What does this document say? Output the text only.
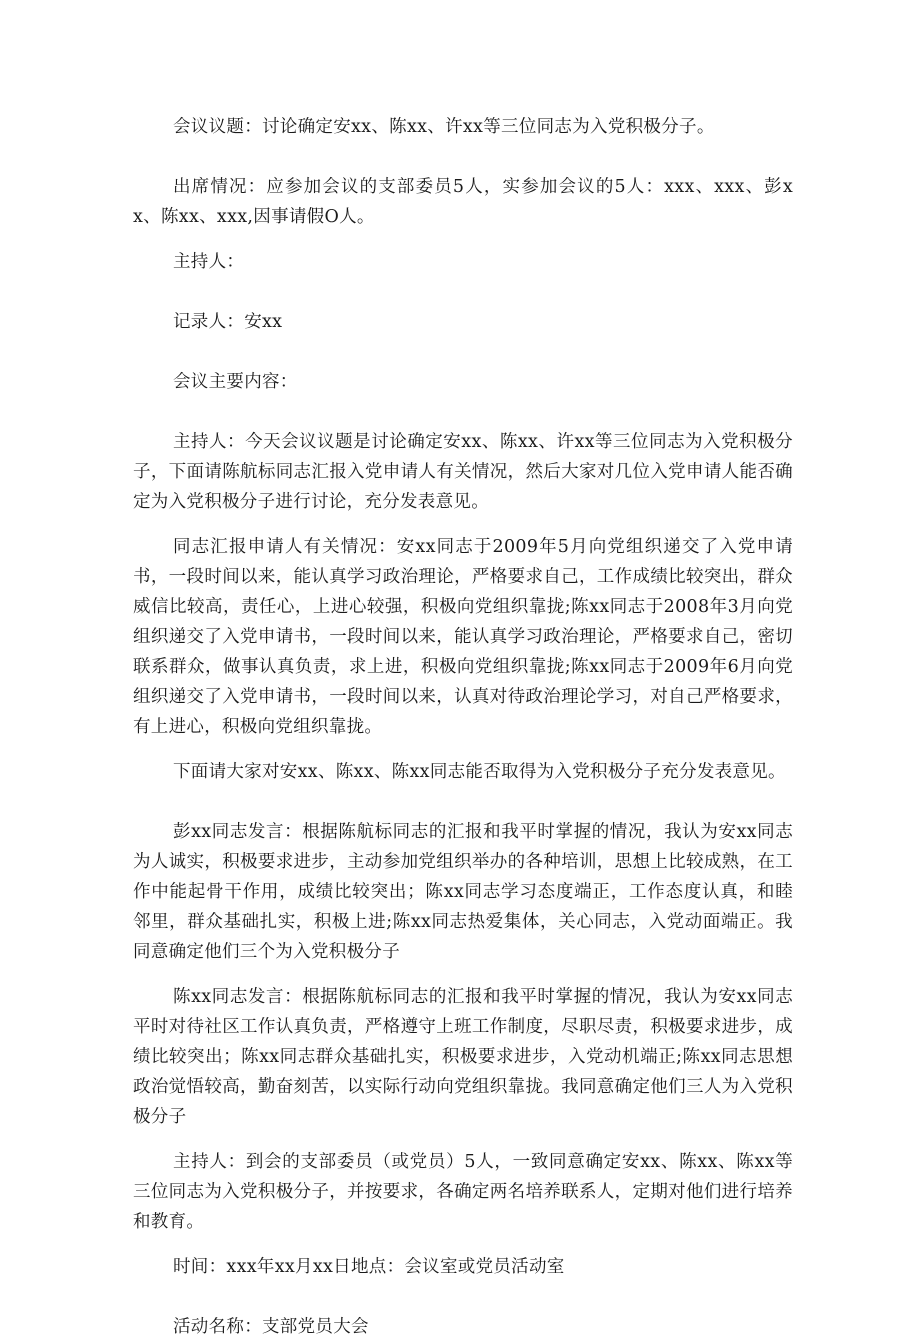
会议议题：讨论确定安xx、陈xx、许xx等三位同志为入党积极分子。

出席情况：应参加会议的支部委员5人，实参加会议的5人：xxx、xxx、彭xx、陈xx、xxx,因事请假O人。

主持人：

记录人：安xx

会议主要内容：

主持人：今天会议议题是讨论确定安xx、陈xx、许xx等三位同志为入党积极分子，下面请陈航标同志汇报入党申请人有关情况，然后大家对几位入党申请人能否确定为入党积极分子进行讨论，充分发表意见。

同志汇报申请人有关情况：安xx同志于2009年5月向党组织递交了入党申请书，一段时间以来，能认真学习政治理论，严格要求自己，工作成绩比较突出，群众威信比较高，责任心，上进心较强，积极向党组织靠拢;陈xx同志于2008年3月向党组织递交了入党申请书，一段时间以来，能认真学习政治理论，严格要求自己，密切联系群众，做事认真负责，求上进，积极向党组织靠拢;陈xx同志于2009年6月向党组织递交了入党申请书，一段时间以来，认真对待政治理论学习，对自己严格要求，有上进心，积极向党组织靠拢。

下面请大家对安xx、陈xx、陈xx同志能否取得为入党积极分子充分发表意见。

彭xx同志发言：根据陈航标同志的汇报和我平时掌握的情况，我认为安xx同志为人诚实，积极要求进步，主动参加党组织举办的各种培训，思想上比较成熟，在工作中能起骨干作用，成绩比较突出；陈xx同志学习态度端正，工作态度认真，和睦邻里，群众基础扎实，积极上进;陈xx同志热爱集体，关心同志，入党动面端正。我同意确定他们三个为入党积极分子

陈xx同志发言：根据陈航标同志的汇报和我平时掌握的情况，我认为安xx同志平时对待社区工作认真负责，严格遵守上班工作制度，尽职尽责，积极要求进步，成绩比较突出；陈xx同志群众基础扎实，积极要求进步，入党动机端正;陈xx同志思想政治觉悟较高，勤奋刻苦，以实际行动向党组织靠拢。我同意确定他们三人为入党积极分子

主持人：到会的支部委员（或党员）5人，一致同意确定安xx、陈xx、陈xx等三位同志为入党积极分子，并按要求，各确定两名培养联系人，定期对他们进行培养和教育。

时间：xxx年xx月xx日地点：会议室或党员活动室

活动名称：支部党员大会
